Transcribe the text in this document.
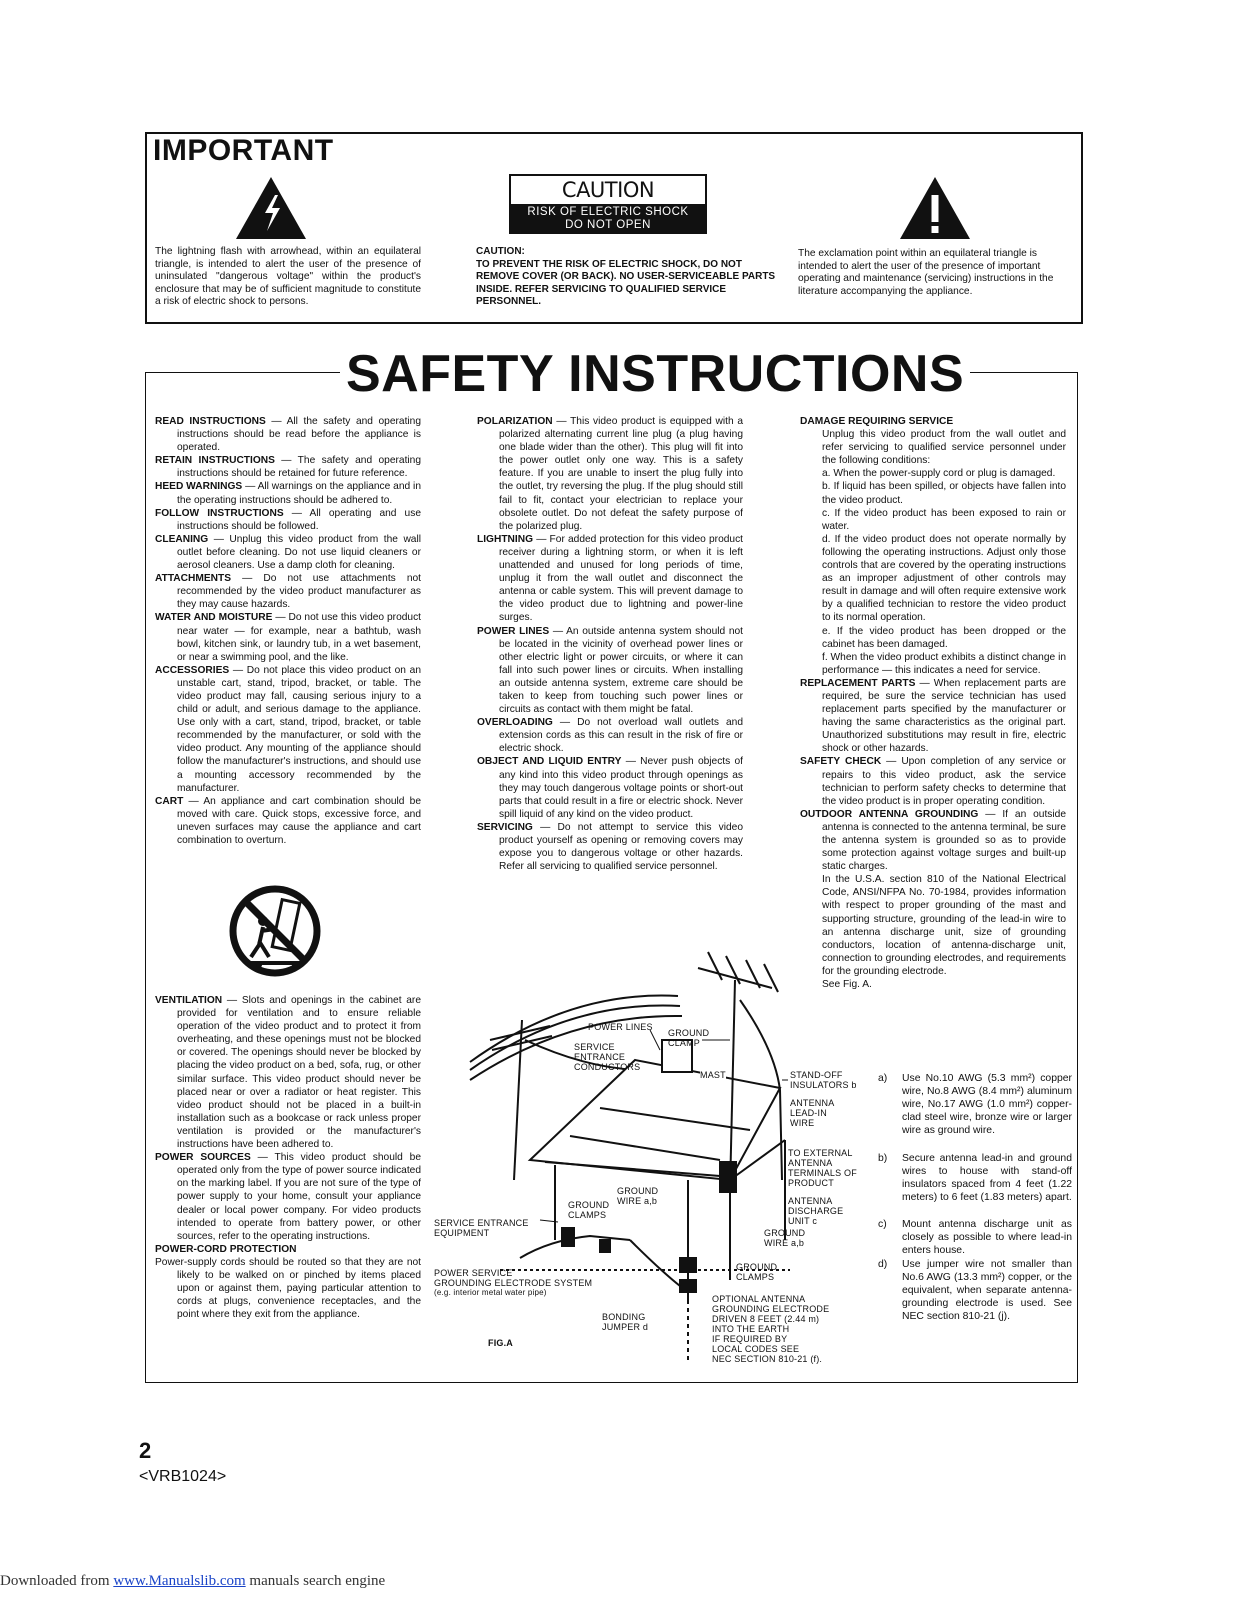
IMPORTANT
The lightning flash with arrowhead, within an equilateral triangle, is intended to alert the user of the presence of uninsulated "dangerous voltage" within the product's enclosure that may be of sufficient magnitude to constitute a risk of electric shock to persons.
CAUTION
RISK OF ELECTRIC SHOCK
DO NOT OPEN
CAUTION:
TO PREVENT THE RISK OF ELECTRIC SHOCK, DO NOT REMOVE COVER (OR BACK). NO USER-SERVICEABLE PARTS INSIDE. REFER SERVICING TO QUALIFIED SERVICE PERSONNEL.
The exclamation point within an equilateral triangle is intended to alert the user of the presence of important operating and maintenance (servicing) instructions in the literature accompanying the appliance.
SAFETY INSTRUCTIONS

READ INSTRUCTIONS — All the safety and operating instructions should be read before the appliance is operated.

RETAIN INSTRUCTIONS — The safety and operating instructions should be retained for future reference.

HEED WARNINGS — All warnings on the appliance and in the operating instructions should be adhered to.

FOLLOW INSTRUCTIONS — All operating and use instructions should be followed.

CLEANING — Unplug this video product from the wall outlet before cleaning. Do not use liquid cleaners or aerosol cleaners. Use a damp cloth for cleaning.

ATTACHMENTS — Do not use attachments not recommended by the video product manufacturer as they may cause hazards.

WATER AND MOISTURE — Do not use this video product near water — for example, near a bathtub, wash bowl, kitchen sink, or laundry tub, in a wet basement, or near a swimming pool, and the like.

ACCESSORIES — Do not place this video product on an unstable cart, stand, tripod, bracket, or table. The video product may fall, causing serious injury to a child or adult, and serious damage to the appliance. Use only with a cart, stand, tripod, bracket, or table recommended by the manufacturer, or sold with the video product. Any mounting of the appliance should follow the manufacturer's instructions, and should use a mounting accessory recommended by the manufacturer.

CART — An appliance and cart combination should be moved with care. Quick stops, excessive force, and uneven surfaces may cause the appliance and cart combination to overturn.

VENTILATION — Slots and openings in the cabinet are provided for ventilation and to ensure reliable operation of the video product and to protect it from overheating, and these openings must not be blocked or covered. The openings should never be blocked by placing the video product on a bed, sofa, rug, or other similar surface. This video product should never be placed near or over a radiator or heat register. This video product should not be placed in a built-in installation such as a bookcase or rack unless proper ventilation is provided or the manufacturer's instructions have been adhered to.

POWER SOURCES — This video product should be operated only from the type of power source indicated on the marking label. If you are not sure of the type of power supply to your home, consult your appliance dealer or local power company. For video products intended to operate from battery power, or other sources, refer to the operating instructions.

POWER-CORD PROTECTION

Power-supply cords should be routed so that they are not likely to be walked on or pinched by items placed upon or against them, paying particular attention to cords at plugs, convenience receptacles, and the point where they exit from the appliance.

POLARIZATION — This video product is equipped with a polarized alternating current line plug (a plug having one blade wider than the other). This plug will fit into the power outlet only one way. This is a safety feature. If you are unable to insert the plug fully into the outlet, try reversing the plug. If the plug should still fail to fit, contact your electrician to replace your obsolete outlet. Do not defeat the safety purpose of the polarized plug.

LIGHTNING — For added protection for this video product receiver during a lightning storm, or when it is left unattended and unused for long periods of time, unplug it from the wall outlet and disconnect the antenna or cable system. This will prevent damage to the video product due to lightning and power-line surges.

POWER LINES — An outside antenna system should not be located in the vicinity of overhead power lines or other electric light or power circuits, or where it can fall into such power lines or circuits. When installing an outside antenna system, extreme care should be taken to keep from touching such power lines or circuits as contact with them might be fatal.

OVERLOADING — Do not overload wall outlets and extension cords as this can result in the risk of fire or electric shock.

OBJECT AND LIQUID ENTRY — Never push objects of any kind into this video product through openings as they may touch dangerous voltage points or short-out parts that could result in a fire or electric shock. Never spill liquid of any kind on the video product.

SERVICING — Do not attempt to service this video product yourself as opening or removing covers may expose you to dangerous voltage or other hazards. Refer all servicing to qualified service personnel.

DAMAGE REQUIRING SERVICE

Unplug this video product from the wall outlet and refer servicing to qualified service personnel under the following conditions:

a. When the power-supply cord or plug is damaged.

b. If liquid has been spilled, or objects have fallen into the video product.

c. If the video product has been exposed to rain or water.

d. If the video product does not operate normally by following the operating instructions. Adjust only those controls that are covered by the operating instructions as an improper adjustment of other controls may result in damage and will often require extensive work by a qualified technician to restore the video product to its normal operation.

e. If the video product has been dropped or the cabinet has been damaged.

f. When the video product exhibits a distinct change in performance — this indicates a need for service.

REPLACEMENT PARTS — When replacement parts are required, be sure the service technician has used replacement parts specified by the manufacturer or having the same characteristics as the original part. Unauthorized substitutions may result in fire, electric shock or other hazards.

SAFETY CHECK — Upon completion of any service or repairs to this video product, ask the service technician to perform safety checks to determine that the video product is in proper operating condition.

OUTDOOR ANTENNA GROUNDING — If an outside antenna is connected to the antenna terminal, be sure the antenna system is grounded so as to provide some protection against voltage surges and built-up static charges.

In the U.S.A. section 810 of the National Electrical Code, ANSI/NFPA No. 70-1984, provides information with respect to proper grounding of the mast and supporting structure, grounding of the lead-in wire to an antenna discharge unit, size of grounding conductors, location of antenna-discharge unit, connection to grounding electrodes, and requirements for the grounding electrode.

See Fig. A.

POWER LINES
GROUND
CLAMP
SERVICE
ENTRANCE
CONDUCTORS
MAST	STAND-OFF
INSULATORS b
ANTENNA
LEAD-IN
WIRE
TO EXTERNAL
ANTENNA
TERMINALS OF
PRODUCT
GROUND
WIRE a,b
GROUND
CLAMPS
ANTENNA
DISCHARGE
UNIT c
GROUND
WIRE a,b
SERVICE ENTRANCE
EQUIPMENT
GROUND
CLAMPS
POWER SERVICE
GROUNDING ELECTRODE SYSTEM
(e.g. interior metal water pipe)
BONDING
JUMPER d
OPTIONAL ANTENNA
GROUNDING ELECTRODE
DRIVEN 8 FEET (2.44 m)
INTO THE EARTH
IF REQUIRED BY
LOCAL CODES SEE
NEC SECTION 810-21 (f).
FIG.A
a) Use No.10 AWG (5.3 mm²) copper wire, No.8 AWG (8.4 mm²) aluminum wire, No.17 AWG (1.0 mm²) copper-clad steel wire, bronze wire or larger wire as ground wire.
b) Secure antenna lead-in and ground wires to house with stand-off insulators spaced from 4 feet (1.22 meters) to 6 feet (1.83 meters) apart.
c) Mount antenna discharge unit as closely as possible to where lead-in enters house.
d) Use jumper wire not smaller than No.6 AWG (13.3 mm²) copper, or the equivalent, when separate antenna-grounding electrode is used. See NEC section 810-21 (j).
2
<VRB1024>
Downloaded from www.Manualslib.com manuals search engine
